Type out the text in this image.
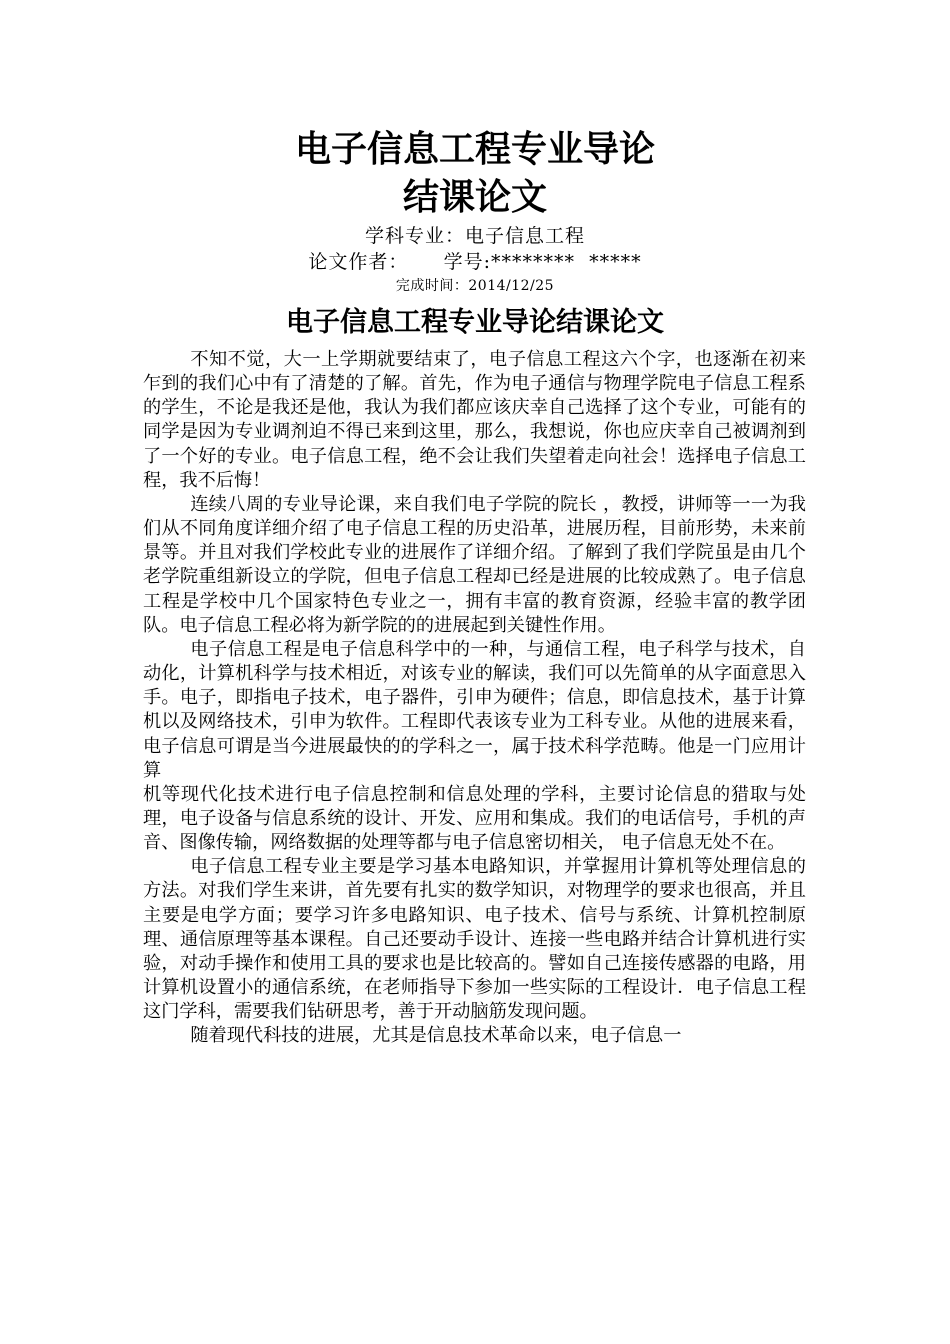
电子信息工程专业导论
结课论文
学科专业：电子信息工程
论文作者：     学号:********  *****
完成时间：2014/12/25
电子信息工程专业导论结课论文

不知不觉，大一上学期就要结束了，电子信息工程这六个字，也逐渐在初来乍到的我们心中有了清楚的了解。首先，作为电子通信与物理学院电子信息工程系的学生，不论是我还是他，我认为我们都应该庆幸自己选择了这个专业，可能有的同学是因为专业调剂迫不得已来到这里，那么，我想说，你也应庆幸自己被调剂到了一个好的专业。电子信息工程，绝不会让我们失望着走向社会！选择电子信息工程，我不后悔！

连续八周的专业导论课，来自我们电子学院的院长 ，教授，讲师等一一为我们从不同角度详细介绍了电子信息工程的历史沿革，进展历程，目前形势，未来前景等。并且对我们学校此专业的进展作了详细介绍。了解到了我们学院虽是由几个老学院重组新设立的学院，但电子信息工程却已经是进展的比较成熟了。电子信息工程是学校中几个国家特色专业之一，拥有丰富的教育资源，经验丰富的教学团队。电子信息工程必将为新学院的的进展起到关键性作用。

电子信息工程是电子信息科学中的一种，与通信工程，电子科学与技术，自动化，计算机科学与技术相近，对该专业的解读，我们可以先简单的从字面意思入手。电子，即指电子技术，电子器件，引申为硬件；信息，即信息技术，基于计算机以及网络技术，引申为软件。工程即代表该专业为工科专业。从他的进展来看，电子信息可谓是当今进展最快的的学科之一，属于技术科学范畴。他是一门应用计算

机等现代化技术进行电子信息控制和信息处理的学科，主要讨论信息的猎取与处理，电子设备与信息系统的设计、开发、应用和集成。我们的电话信号，手机的声音、图像传输，网络数据的处理等都与电子信息密切相关， 电子信息无处不在。

电子信息工程专业主要是学习基本电路知识，并掌握用计算机等处理信息的方法。对我们学生来讲，首先要有扎实的数学知识，对物理学的要求也很高，并且主要是电学方面；要学习许多电路知识、电子技术、信号与系统、计算机控制原理、通信原理等基本课程。自己还要动手设计、连接一些电路并结合计算机进行实验，对动手操作和使用工具的要求也是比较高的。譬如自己连接传感器的电路，用计算机设置小的通信系统，在老师指导下参加一些实际的工程设计．电子信息工程这门学科，需要我们钻研思考，善于开动脑筋发现问题。

随着现代科技的进展，尤其是信息技术革命以来，电子信息一
